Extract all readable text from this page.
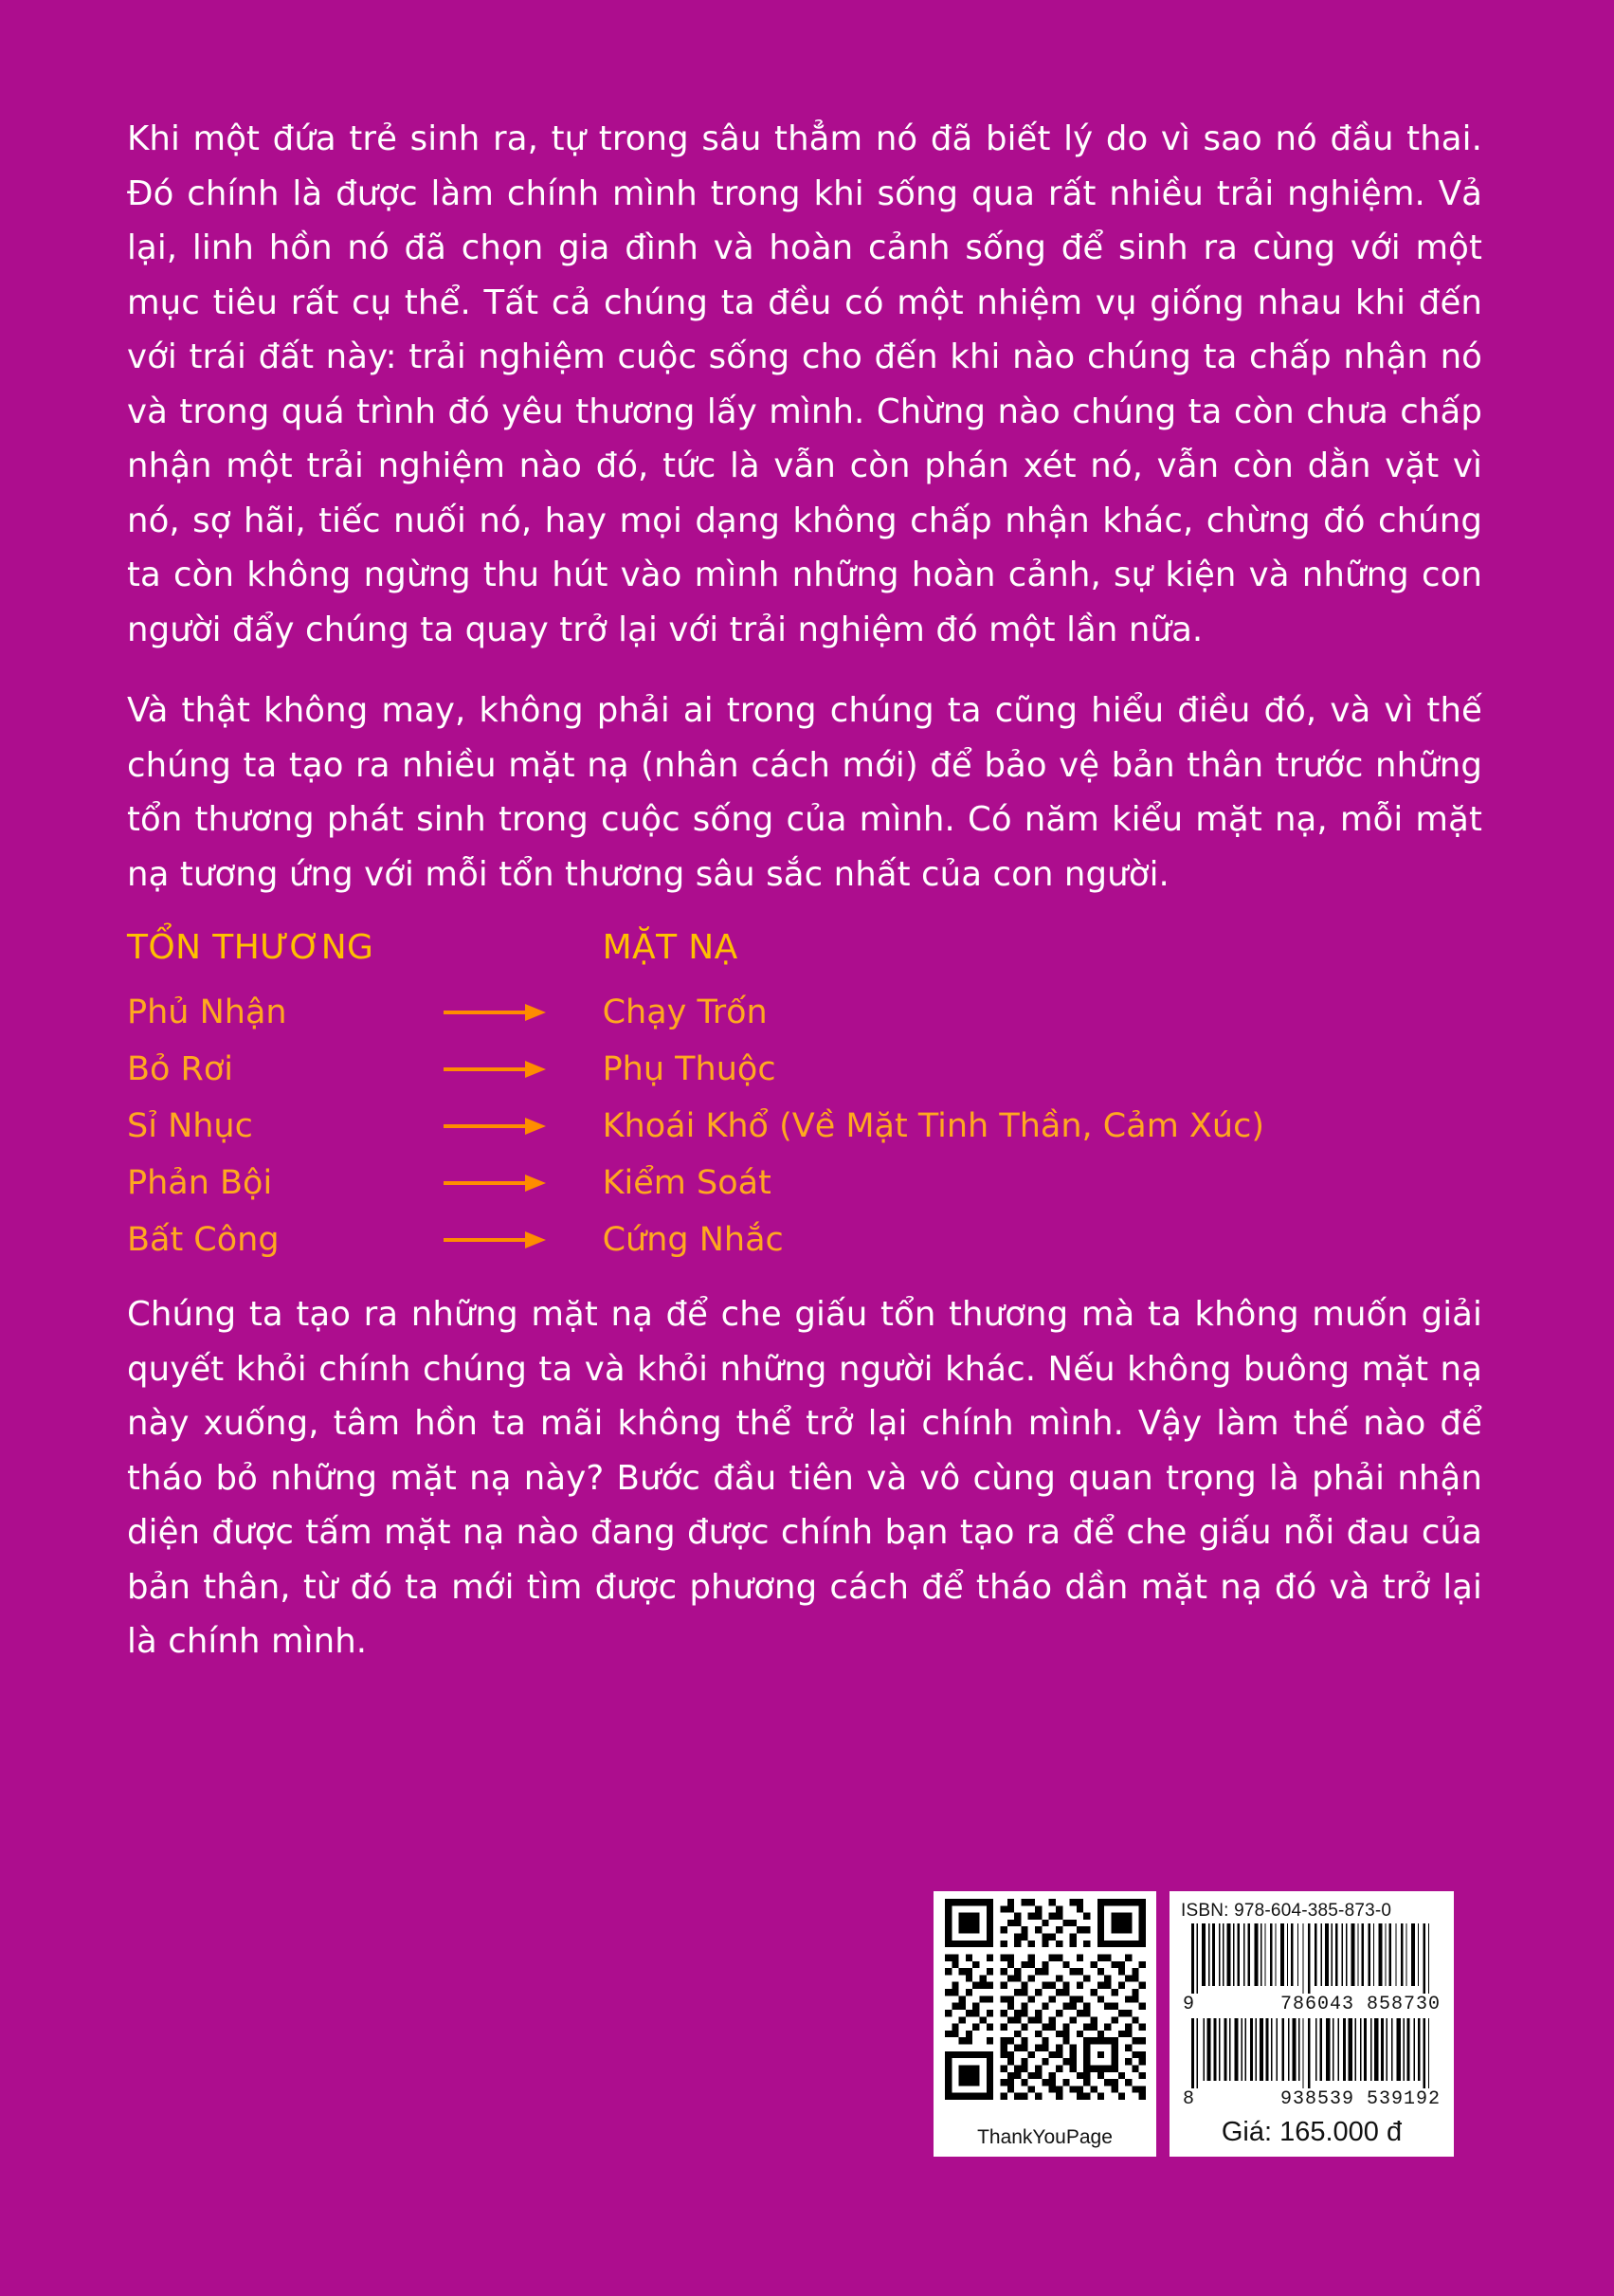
Khi một đứa trẻ sinh ra, tự trong sâu thẳm nó đã biết lý do vì sao nó đầu thai. Đó chính là được làm chính mình trong khi sống qua rất nhiều trải nghiệm. Vả lại, linh hồn nó đã chọn gia đình và hoàn cảnh sống để sinh ra cùng với một mục tiêu rất cụ thể. Tất cả chúng ta đều có một nhiệm vụ giống nhau khi đến với trái đất này: trải nghiệm cuộc sống cho đến khi nào chúng ta chấp nhận nó và trong quá trình đó yêu thương lấy mình. Chừng nào chúng ta còn chưa chấp nhận một trải nghiệm nào đó, tức là vẫn còn phán xét nó, vẫn còn dằn vặt vì nó, sợ hãi, tiếc nuối nó, hay mọi dạng không chấp nhận khác, chừng đó chúng ta còn không ngừng thu hút vào mình những hoàn cảnh, sự kiện và những con người đẩy chúng ta quay trở lại với trải nghiệm đó một lần nữa.

Và thật không may, không phải ai trong chúng ta cũng hiểu điều đó, và vì thế chúng ta tạo ra nhiều mặt nạ (nhân cách mới) để bảo vệ bản thân trước những tổn thương phát sinh trong cuộc sống của mình. Có năm kiểu mặt nạ, mỗi mặt nạ tương ứng với mỗi tổn thương sâu sắc nhất của con người.

TỔN THƯƠNG		MẶT NẠ
Phủ Nhận		Chạy Trốn
Bỏ Rơi		Phụ Thuộc
Sỉ Nhục		Khoái Khổ (Về Mặt Tinh Thần, Cảm Xúc)
Phản Bội		Kiểm Soát
Bất Công		Cứng Nhắc

Chúng ta tạo ra những mặt nạ để che giấu tổn thương mà ta không muốn giải quyết khỏi chính chúng ta và khỏi những người khác. Nếu không buông mặt nạ này xuống, tâm hồn ta mãi không thể trở lại chính mình. Vậy làm thế nào để tháo bỏ những mặt nạ này? Bước đầu tiên và vô cùng quan trọng là phải nhận diện được tấm mặt nạ nào đang được chính bạn tạo ra để che giấu nỗi đau của bản thân, từ đó ta mới tìm được phương cách để tháo dần mặt nạ đó và trở lại là chính mình.

ThankYouPage
ISBN: 978-604-385-873-0
9	786043 858730
8	938539 539192
Giá: 165.000 đ
